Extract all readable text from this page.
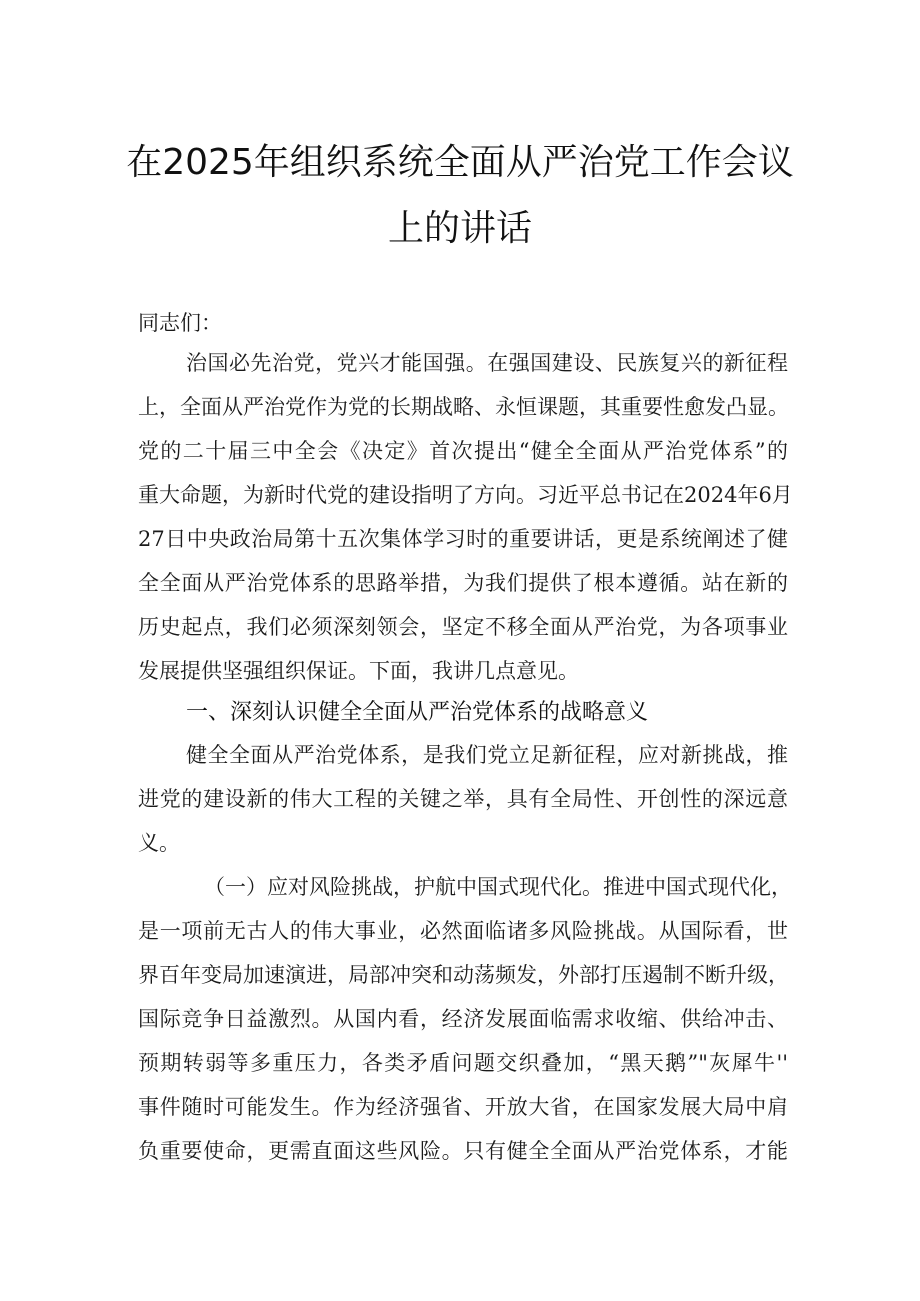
在2025年组织系统全面从严治党工作会议
上的讲话
同志们：
治国必先治党，党兴才能国强。在强国建设、民族复兴的新征程
上，全面从严治党作为党的长期战略、永恒课题，其重要性愈发凸显。
党的二十届三中全会《决定》首次提出“健全全面从严治党体系”的
重大命题，为新时代党的建设指明了方向。习近平总书记在2024年6月
27日中央政治局第十五次集体学习时的重要讲话，更是系统阐述了健
全全面从严治党体系的思路举措，为我们提供了根本遵循。站在新的
历史起点，我们必须深刻领会，坚定不移全面从严治党，为各项事业
发展提供坚强组织保证。下面，我讲几点意见。
一、深刻认识健全全面从严治党体系的战略意义
健全全面从严治党体系，是我们党立足新征程，应对新挑战，推
进党的建设新的伟大工程的关键之举，具有全局性、开创性的深远意
义。
（一）应对风险挑战，护航中国式现代化。推进中国式现代化，
是一项前无古人的伟大事业，必然面临诸多风险挑战。从国际看，世
界百年变局加速演进，局部冲突和动荡频发，外部打压遏制不断升级，
国际竞争日益激烈。从国内看，经济发展面临需求收缩、供给冲击、
预期转弱等多重压力，各类矛盾问题交织叠加，“黑天鹅”"灰犀牛''
事件随时可能发生。作为经济强省、开放大省，在国家发展大局中肩
负重要使命，更需直面这些风险。只有健全全面从严治党体系，才能
